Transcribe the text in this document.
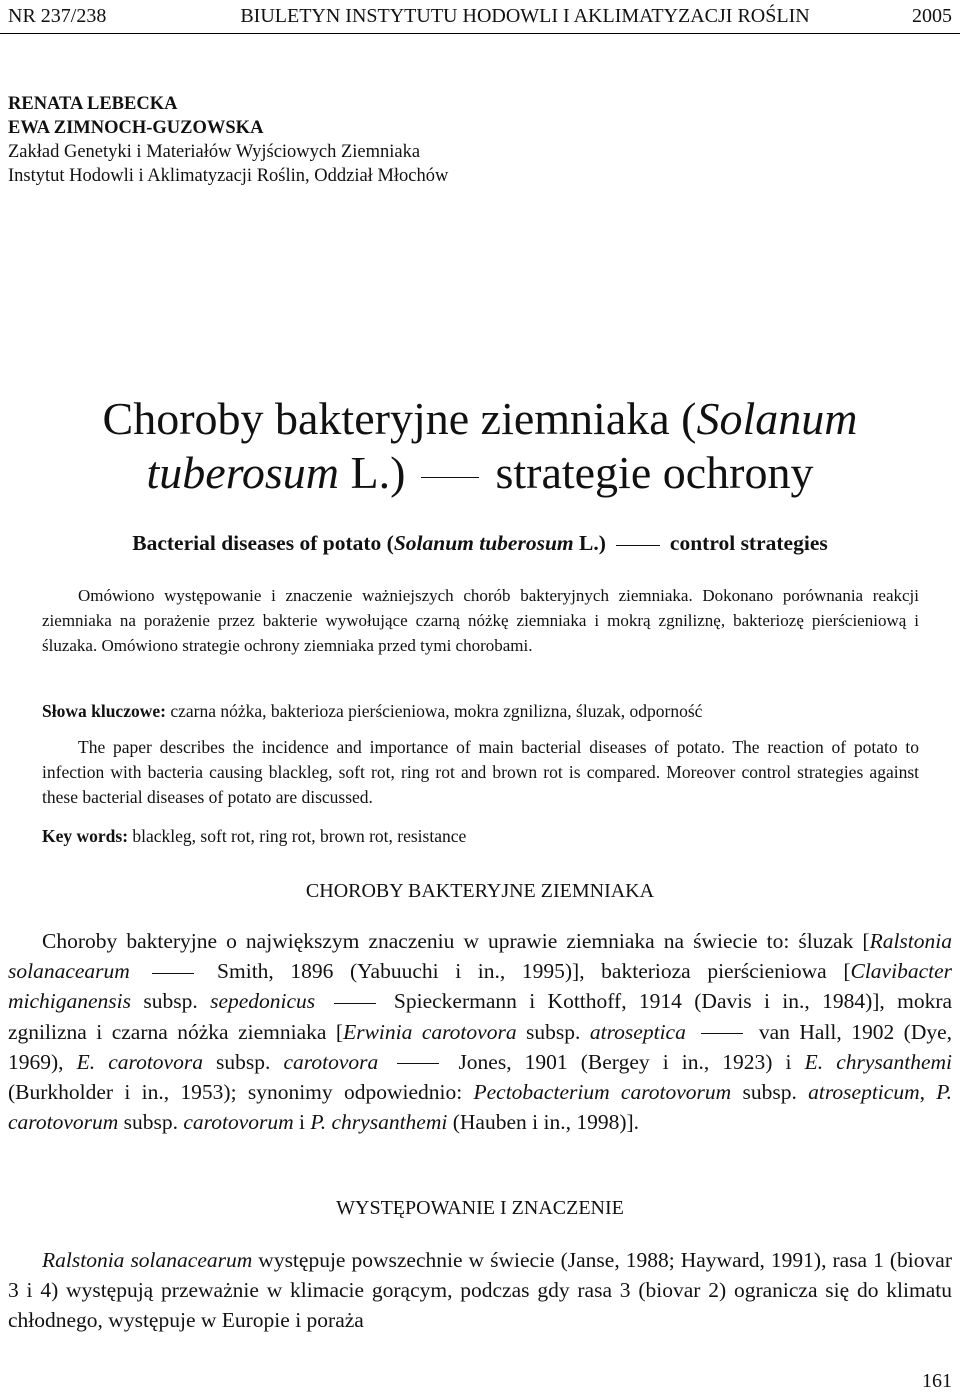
NR 237/238	BIULETYN INSTYTUTU HODOWLI I AKLIMATYZACJI ROŚLIN	2005
RENATA LEBECKA
EWA ZIMNOCH-GUZOWSKA
Zakład Genetyki i Materiałów Wyjściowych Ziemniaka
Instytut Hodowli i Aklimatyzacji Roślin, Oddział Młochów
Choroby bakteryjne ziemniaka (Solanum tuberosum L.) strategie ochrony
Bacterial diseases of potato (Solanum tuberosum L.)	control strategies
Omówiono występowanie i znaczenie ważniejszych chorób bakteryjnych ziemniaka. Dokonano porównania reakcji ziemniaka na porażenie przez bakterie wywołujące czarną nóżkę ziemniaka i mokrą zgniliznę, bakteriozę pierścieniową i śluzaka. Omówiono strategie ochrony ziemniaka przed tymi chorobami.
Słowa kluczowe: czarna nóżka, bakterioza pierścieniowa, mokra zgnilizna, śluzak, odporność
The paper describes the incidence and importance of main bacterial diseases of potato. The reaction of potato to infection with bacteria causing blackleg, soft rot, ring rot and brown rot is compared. Moreover control strategies against these bacterial diseases of potato are discussed.
Key words: blackleg, soft rot, ring rot, brown rot, resistance
CHOROBY BAKTERYJNE ZIEMNIAKA
Choroby bakteryjne o największym znaczeniu w uprawie ziemniaka na świecie to: śluzak [Ralstonia solanacearum	Smith, 1896 (Yabuuchi i in., 1995)], bakterioza pierścieniowa [Clavibacter michiganensis subsp. sepedonicus	Spieckermann i Kotthoff, 1914 (Davis i in., 1984)], mokra zgnilizna i czarna nóżka ziemniaka [Erwinia carotovora subsp. atroseptica	van Hall, 1902 (Dye, 1969), E. carotovora subsp. carotovora	Jones, 1901 (Bergey i in., 1923) i E. chrysanthemi (Burkholder i in., 1953); synonimy odpowiednio: Pectobacterium carotovorum subsp. atrosepticum, P. carotovorum subsp. carotovorum i P. chrysanthemi (Hauben i in., 1998)].
WYSTĘPOWANIE I ZNACZENIE
Ralstonia solanacearum występuje powszechnie w świecie (Janse, 1988; Hayward, 1991), rasa 1 (biovar 3 i 4) występują przeważnie w klimacie gorącym, podczas gdy rasa 3 (biovar 2) ogranicza się do klimatu chłodnego, występuje w Europie i poraża
161
